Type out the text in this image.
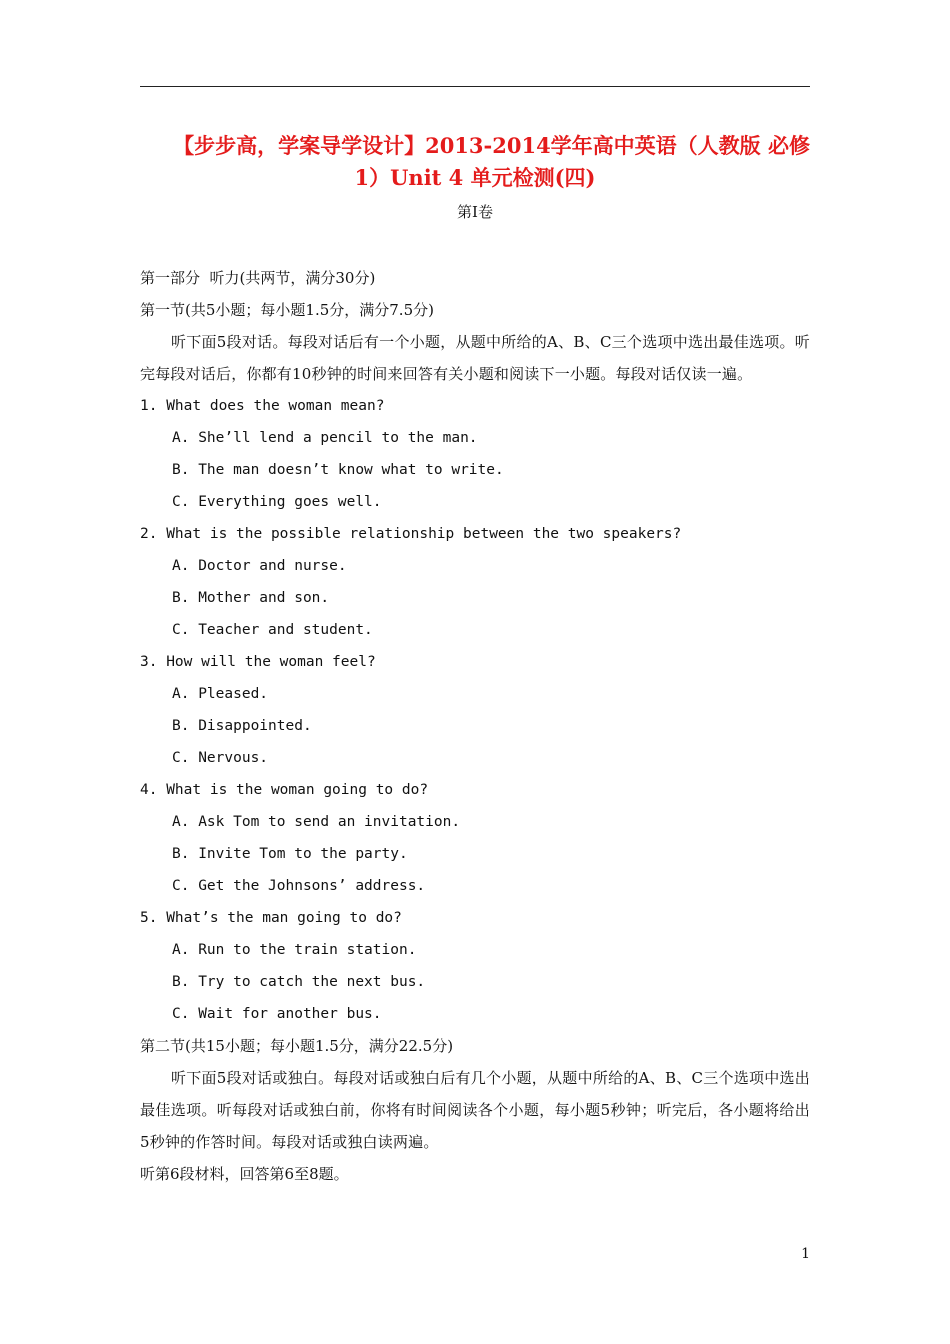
【步步高，学案导学设计】2013-2014学年高中英语（人教版 必修
1）Unit 4 单元检测(四)
第Ⅰ卷
第一部分  听力(共两节，满分30分)
第一节(共5小题；每小题1.5分，满分7.5分)
听下面5段对话。每段对话后有一个小题，从题中所给的A、B、C三个选项中选出最佳选项。听完每段对话后，你都有10秒钟的时间来回答有关小题和阅读下一小题。每段对话仅读一遍。
1. What does the woman mean?
A. She’ll lend a pencil to the man.
B. The man doesn’t know what to write.
C. Everything goes well.
2. What is the possible relationship between the two speakers?
A. Doctor and nurse.
B. Mother and son.
C. Teacher and student.
3. How will the woman feel?
A. Pleased.
B. Disappointed.
C. Nervous.
4. What is the woman going to do?
A. Ask Tom to send an invitation.
B. Invite Tom to the party.
C. Get the Johnsons’ address.
5. What’s the man going to do?
A. Run to the train station.
B. Try to catch the next bus.
C. Wait for another bus.
第二节(共15小题；每小题1.5分，满分22.5分)
听下面5段对话或独白。每段对话或独白后有几个小题，从题中所给的A、B、C三个选项中选出最佳选项。听每段对话或独白前，你将有时间阅读各个小题，每小题5秒钟；听完后，各小题将给出5秒钟的作答时间。每段对话或独白读两遍。
听第6段材料，回答第6至8题。
1
